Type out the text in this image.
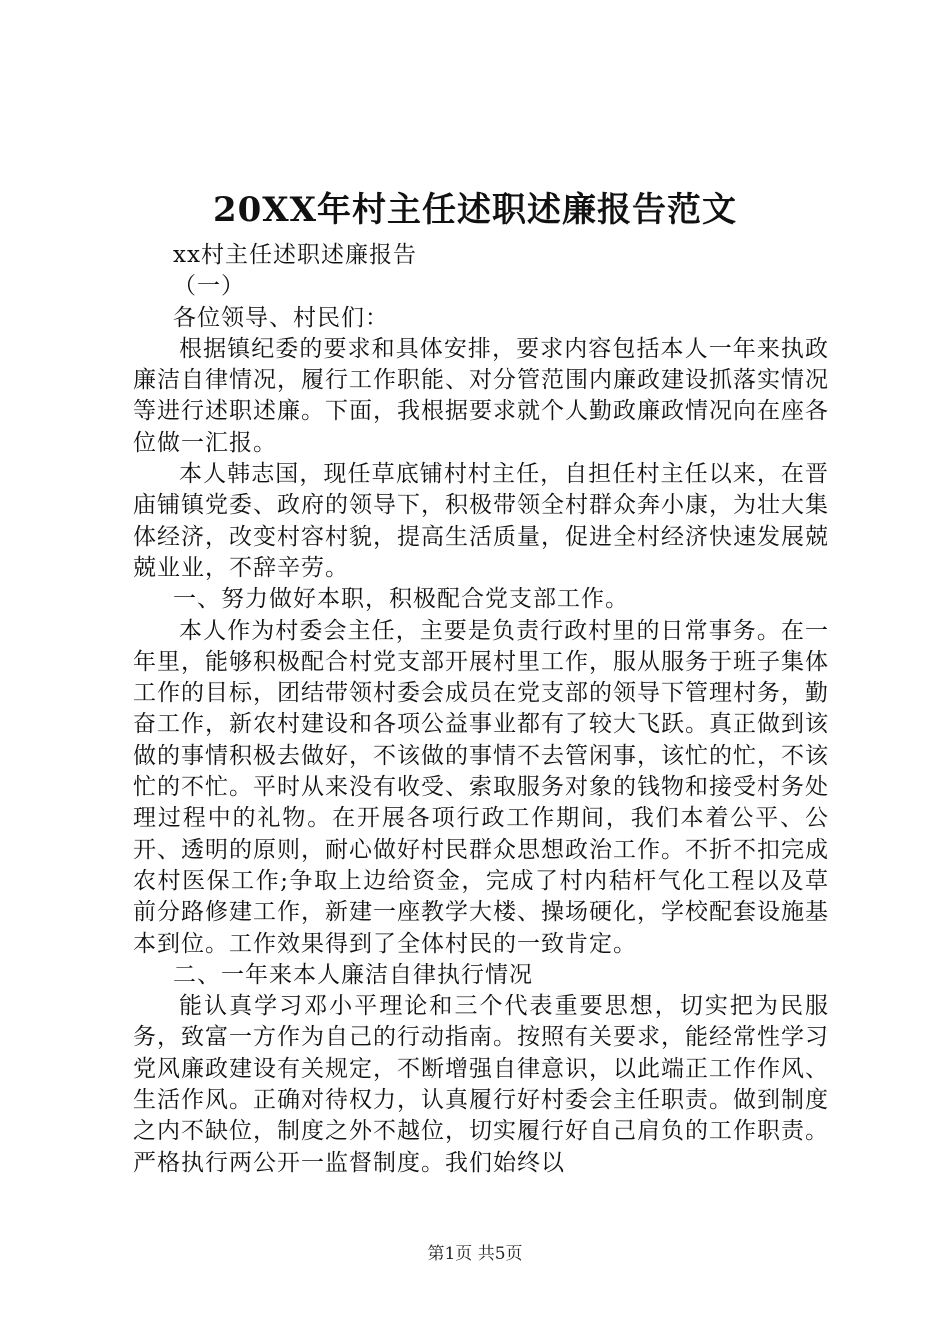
20XX年村主任述职述廉报告范文

xx村主任述职述廉报告

（一）

各位领导、村民们：

根据镇纪委的要求和具体安排，要求内容包括本人一年来执政廉洁自律情况，履行工作职能、对分管范围内廉政建设抓落实情况等进行述职述廉。下面，我根据要求就个人勤政廉政情况向在座各位做一汇报。

本人韩志国，现任草底铺村村主任，自担任村主任以来，在晋庙铺镇党委、政府的领导下，积极带领全村群众奔小康，为壮大集体经济，改变村容村貌，提高生活质量，促进全村经济快速发展兢兢业业，不辞辛劳。

一、努力做好本职，积极配合党支部工作。

本人作为村委会主任，主要是负责行政村里的日常事务。在一年里，能够积极配合村党支部开展村里工作，服从服务于班子集体工作的目标，团结带领村委会成员在党支部的领导下管理村务，勤奋工作，新农村建设和各项公益事业都有了较大飞跃。真正做到该做的事情积极去做好，不该做的事情不去管闲事，该忙的忙，不该忙的不忙。平时从来没有收受、索取服务对象的钱物和接受村务处理过程中的礼物。在开展各项行政工作期间，我们本着公平、公开、透明的原则，耐心做好村民群众思想政治工作。不折不扣完成农村医保工作;争取上边给资金，完成了村内秸杆气化工程以及草前分路修建工作，新建一座教学大楼、操场硬化，学校配套设施基本到位。工作效果得到了全体村民的一致肯定。

二、一年来本人廉洁自律执行情况

能认真学习邓小平理论和三个代表重要思想，切实把为民服务，致富一方作为自己的行动指南。按照有关要求，能经常性学习党风廉政建设有关规定，不断增强自律意识，以此端正工作作风、生活作风。正确对待权力，认真履行好村委会主任职责。做到制度之内不缺位，制度之外不越位，切实履行好自己肩负的工作职责。严格执行两公开一监督制度。我们始终以

第1页 共5页
